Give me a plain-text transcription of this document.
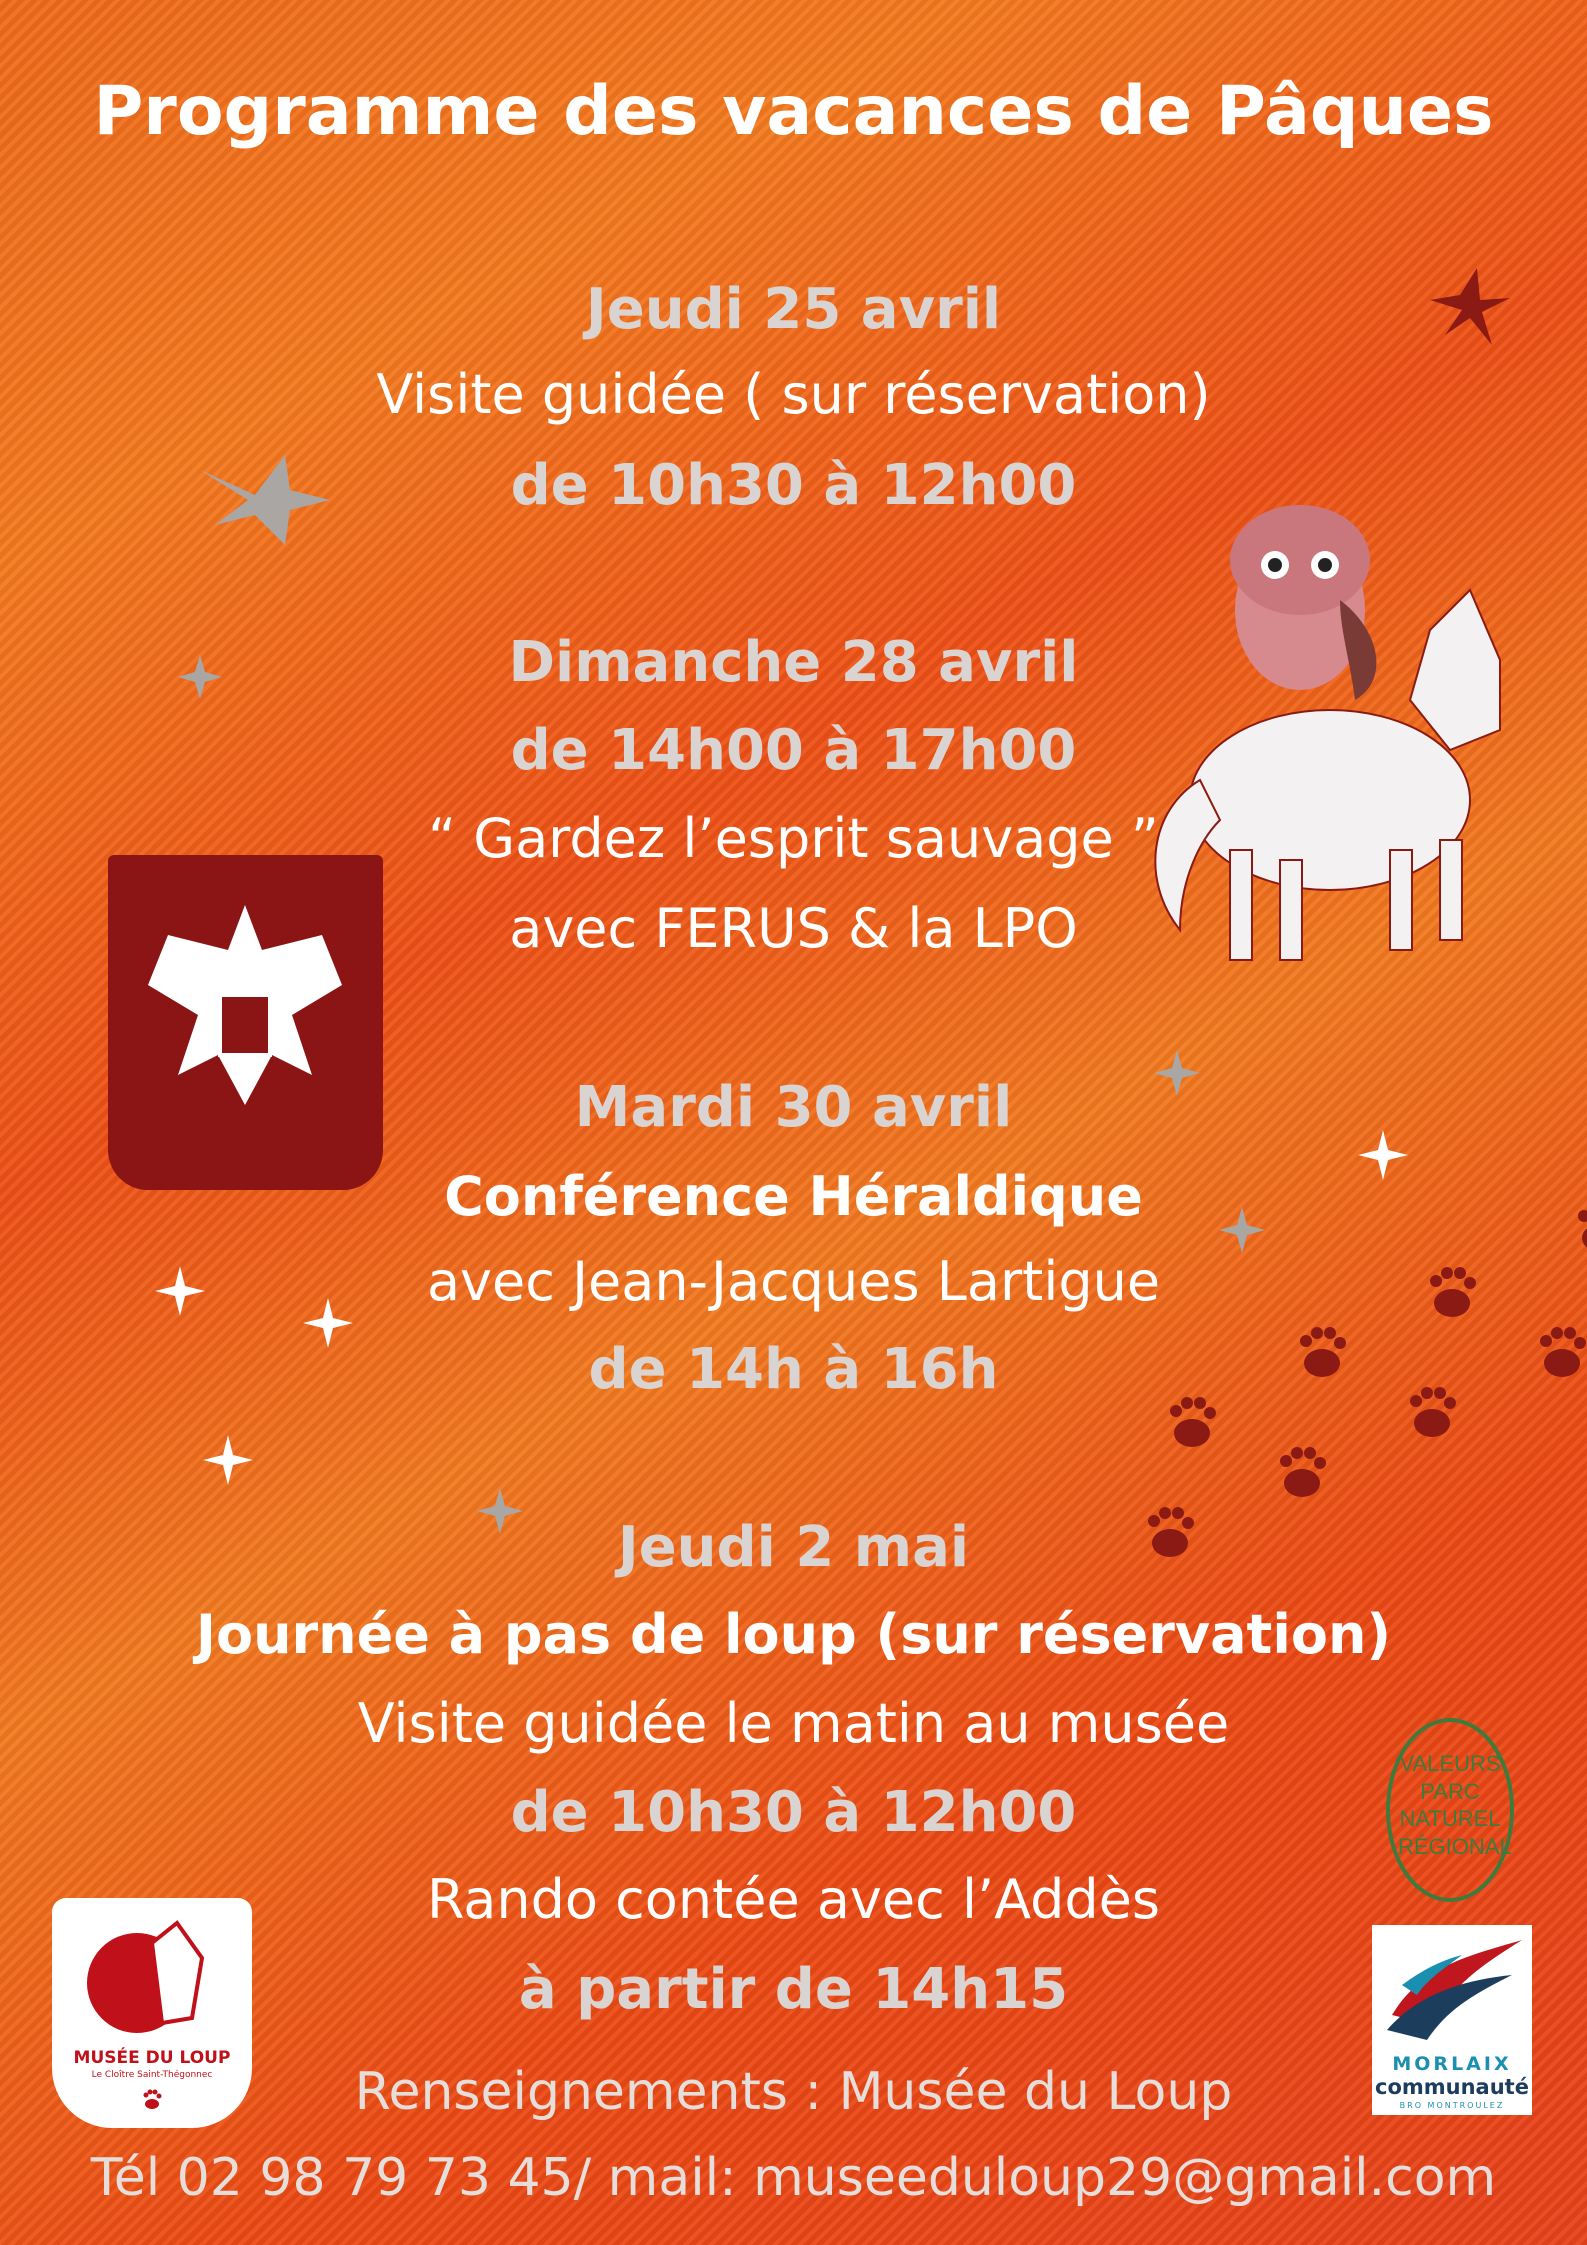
Programme des vacances de Pâques
Jeudi 25 avril
Visite guidée ( sur réservation)
de 10h30 à 12h00
Dimanche 28 avril
de 14h00 à 17h00
“ Gardez l’esprit sauvage ”
avec FERUS & la LPO
Mardi 30 avril
Conférence Héraldique
avec Jean-Jacques Lartigue
de 14h à 16h
Jeudi 2 mai
Journée à pas de loup (sur réservation)
Visite guidée le matin au musée
de 10h30 à 12h00
Rando contée avec l’Addès
à partir de 14h15
Renseignements : Musée du Loup
Tél 02 98 79 73 45/ mail: museeduloup29@gmail.com
MUSÉE DU LOUP
Le Cloître Saint-Thégonnec
VALEURS PARC NATUREL RÉGIONAL
MORLAIX
communauté
BRO MONTROULEZ
